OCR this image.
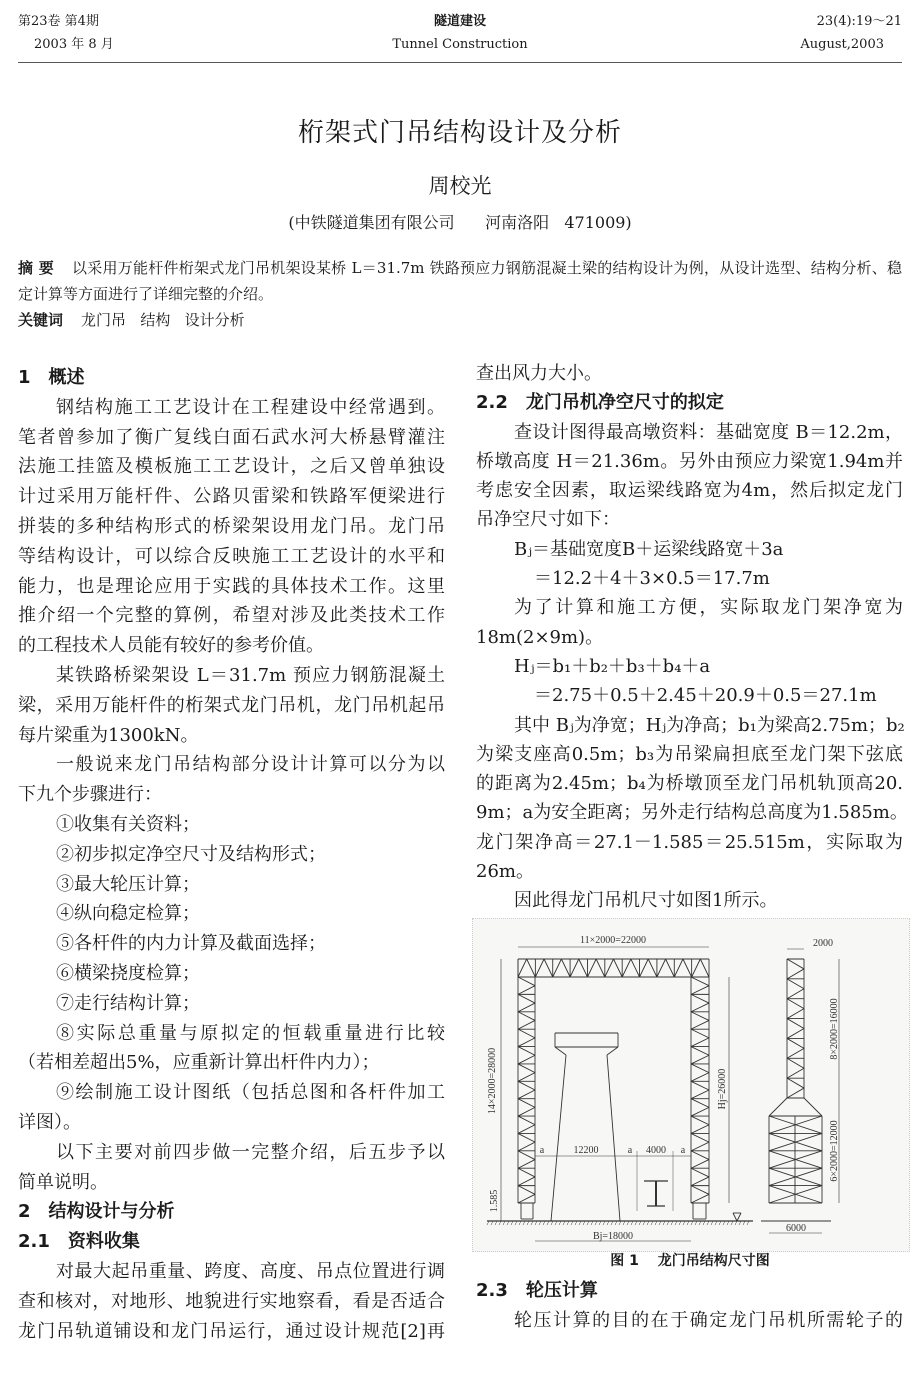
第23卷 第4期
2003 年 8 月
隧道建设
Tunnel Construction
23(4):19～21
August,2003
桁架式门吊结构设计及分析
周校光
(中铁隧道集团有限公司      河南洛阳   471009)
摘 要 以采用万能杆件桁架式龙门吊机架设某桥 L＝31.7m 铁路预应力钢筋混凝土梁的结构设计为例，从设计选型、结构分析、稳定计算等方面进行了详细完整的介绍。
关键词 龙门吊   结构   设计分析
1　概述
钢结构施工工艺设计在工程建设中经常遇到。
笔者曾参加了衡广复线白面石武水河大桥悬臂灌注
法施工挂篮及模板施工工艺设计，之后又曾单独设
计过采用万能杆件、公路贝雷梁和铁路军便梁进行
拼装的多种结构形式的桥梁架设用龙门吊。龙门吊
等结构设计，可以综合反映施工工艺设计的水平和
能力，也是理论应用于实践的具体技术工作。这里
推介绍一个完整的算例，希望对涉及此类技术工作
的工程技术人员能有较好的参考价值。
某铁路桥梁架设 L＝31.7m 预应力钢筋混凝土
梁，采用万能杆件的桁架式龙门吊机，龙门吊机起吊
每片梁重为1300kN。
一般说来龙门吊结构部分设计计算可以分为以
下九个步骤进行：
①收集有关资料；
②初步拟定净空尺寸及结构形式；
③最大轮压计算；
④纵向稳定检算；
⑤各杆件的内力计算及截面选择；
⑥横梁挠度检算；
⑦走行结构计算；
⑧实际总重量与原拟定的恒载重量进行比较
（若相差超出5%，应重新计算出杆件内力）；
⑨绘制施工设计图纸（包括总图和各杆件加工
详图）。
以下主要对前四步做一完整介绍，后五步予以
简单说明。
2　结构设计与分析
2.1　资料收集
对最大起吊重量、跨度、高度、吊点位置进行调
查和核对，对地形、地貌进行实地察看，看是否适合
龙门吊轨道铺设和龙门吊运行，通过设计规范[2]再
查出风力大小。
2.2　龙门吊机净空尺寸的拟定
查设计图得最高墩资料：基础宽度 B＝12.2m，
桥墩高度 H＝21.36m。另外由预应力梁宽1.94m并
考虑安全因素，取运梁线路宽为4m，然后拟定龙门
吊净空尺寸如下：
Bⱼ＝基础宽度B＋运梁线路宽＋3a
＝12.2＋4＋3×0.5＝17.7m
为了计算和施工方便，实际取龙门架净宽为
18m(2×9m)。
Hⱼ＝b₁＋b₂＋b₃＋b₄＋a
＝2.75＋0.5＋2.45＋20.9＋0.5＝27.1m
其中 Bⱼ为净宽；Hⱼ为净高；b₁为梁高2.75m；b₂
为梁支座高0.5m；b₃为吊梁扁担底至龙门架下弦底
的距离为2.45m；b₄为桥墩顶至龙门吊机轨顶高20.
9m；a为安全距离；另外走行结构总高度为1.585m。
龙门架净高＝27.1－1.585＝25.515m，实际取为
26m。
因此得龙门吊机尺寸如图1所示。
11×2000=22000
14×2000=28000	Hj=26000
12200	4000
a	a	a
1.585
Bj=18000
2000
8×2000=16000
6×2000=12000
6000
图 1　 龙门吊结构尺寸图
2.3　轮压计算
轮压计算的目的在于确定龙门吊机所需轮子的
